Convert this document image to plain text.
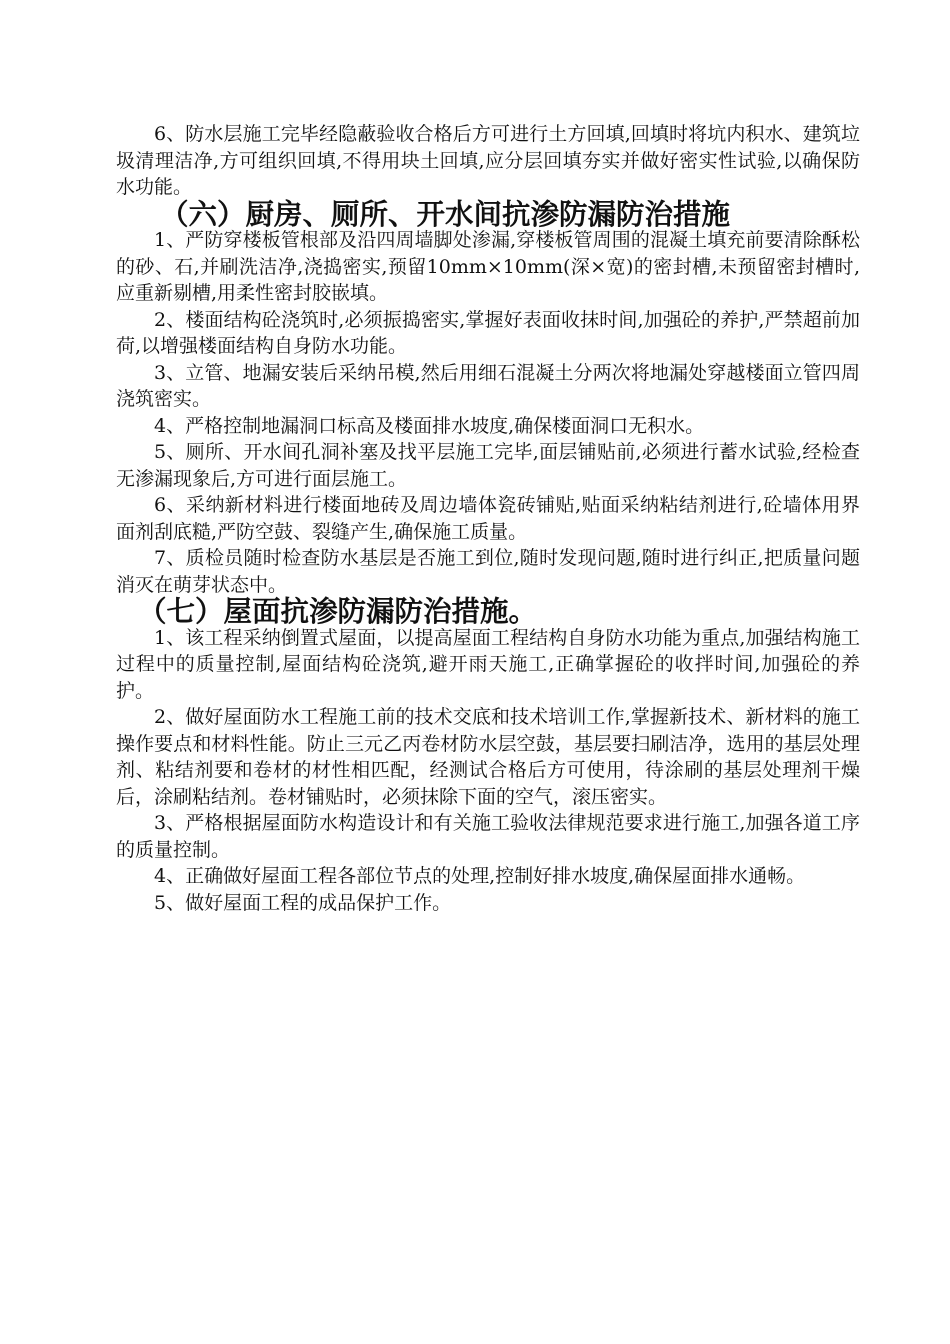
6、防水层施工完毕经隐蔽验收合格后方可进行土方回填,回填时将坑内积水、建筑垃圾清理洁净,方可组织回填,不得用块土回填,应分层回填夯实并做好密实性试验,以确保防水功能。

（六）厨房、厕所、开水间抗渗防漏防治措施

1、严防穿楼板管根部及沿四周墙脚处渗漏,穿楼板管周围的混凝土填充前要清除酥松的砂、石,并刷洗洁净,浇捣密实,预留10mm×10mm(深×宽)的密封槽,未预留密封槽时,应重新剔槽,用柔性密封胶嵌填。

2、楼面结构砼浇筑时,必须振捣密实,掌握好表面收抹时间,加强砼的养护,严禁超前加荷,以增强楼面结构自身防水功能。

3、立管、地漏安装后采纳吊模,然后用细石混凝土分两次将地漏处穿越楼面立管四周浇筑密实。

4、严格控制地漏洞口标高及楼面排水坡度,确保楼面洞口无积水。

5、厕所、开水间孔洞补塞及找平层施工完毕,面层铺贴前,必须进行蓄水试验,经检查无渗漏现象后,方可进行面层施工。

6、采纳新材料进行楼面地砖及周边墙体瓷砖铺贴,贴面采纳粘结剂进行,砼墙体用界面剂刮底糙,严防空鼓、裂缝产生,确保施工质量。

7、质检员随时检查防水基层是否施工到位,随时发现问题,随时进行纠正,把质量问题消灭在萌芽状态中。

（七）屋面抗渗防漏防治措施。

1、该工程采纳倒置式屋面，以提高屋面工程结构自身防水功能为重点,加强结构施工过程中的质量控制,屋面结构砼浇筑,避开雨天施工,正确掌握砼的收拌时间,加强砼的养护。

2、做好屋面防水工程施工前的技术交底和技术培训工作,掌握新技术、新材料的施工操作要点和材料性能。防止三元乙丙卷材防水层空鼓，基层要扫刷洁净，选用的基层处理剂、粘结剂要和卷材的材性相匹配，经测试合格后方可使用，待涂刷的基层处理剂干燥后，涂刷粘结剂。卷材铺贴时，必须抹除下面的空气，滚压密实。

3、严格根据屋面防水构造设计和有关施工验收法律规范要求进行施工,加强各道工序的质量控制。

4、正确做好屋面工程各部位节点的处理,控制好排水坡度,确保屋面排水通畅。

5、做好屋面工程的成品保护工作。
